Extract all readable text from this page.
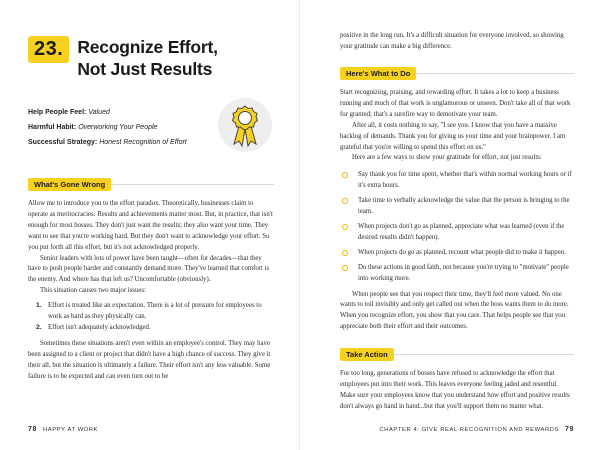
23. Recognize Effort, Not Just Results
Help People Feel: Valued
Harmful Habit: Overworking Your People
Successful Strategy: Honest Recognition of Effort
What's Gone Wrong

Allow me to introduce you to the effort paradox. Theoretically, businesses claim to operate as meritocracies: Results and achievements matter most. But, in practice, that isn't enough for most bosses. They don't just want the results; they also want your time. They want to see that you're working hard. But they don't want to acknowledge your effort. So you put forth all this effort, but it's not acknowledged properly.

Senior leaders with lots of power have been taught—often for decades—that they have to push people harder and constantly demand more. They've learned that comfort is the enemy. And where has that left us? Uncomfortable (obviously).

This situation causes two major issues:

1. Effort is treated like an expectation. There is a lot of pressure for employees to work as hard as they physically can.
2. Effort isn't adequately acknowledged.

Sometimes these situations aren't even within an employee's control. They may have been assigned to a client or project that didn't have a high chance of success. They give it their all, but the situation is ultimately a failure. Their effort isn't any less valuable. Some failure is to be expected and can even turn out to be

78 HAPPY AT WORK

positive in the long run. It's a difficult situation for everyone involved, so showing your gratitude can make a big difference.

Here's What to Do

Start recognizing, praising, and rewarding effort. It takes a lot to keep a business running and much of that work is unglamorous or unseen. Don't take all of that work for granted; that's a surefire way to demotivate your team.

After all, it costs nothing to say, "I see you. I know that you have a massive backlog of demands. Thank you for giving us your time and your brainpower. I am grateful that you're willing to spend this effort on us."

Here are a few ways to show your gratitude for effort, not just results:

Say thank you for time spent, whether that's within normal working hours or if it's extra hours.
Take time to verbally acknowledge the value that the person is bringing to the team.
When projects don't go as planned, appreciate what was learned (even if the desired results didn't happen).
When projects do go as planned, recount what people did to make it happen.
Do these actions in good faith, not because you're trying to "motivate" people into working more.

When people see that you respect their time, they'll feel more valued. No one wants to toil invisibly and only get called out when the boss wants them to do more. When you recognize effort, you show that you care. That helps people see that you appreciate both their effort and their outcomes.

Take Action

For too long, generations of bosses have refused to acknowledge the effort that employees put into their work. This leaves everyone feeling jaded and resentful. Make sure your employees know that you understand how effort and positive results don't always go hand in hand...but that you'll support them no matter what.

CHAPTER 4: GIVE REAL RECOGNITION AND REWARDS 79
